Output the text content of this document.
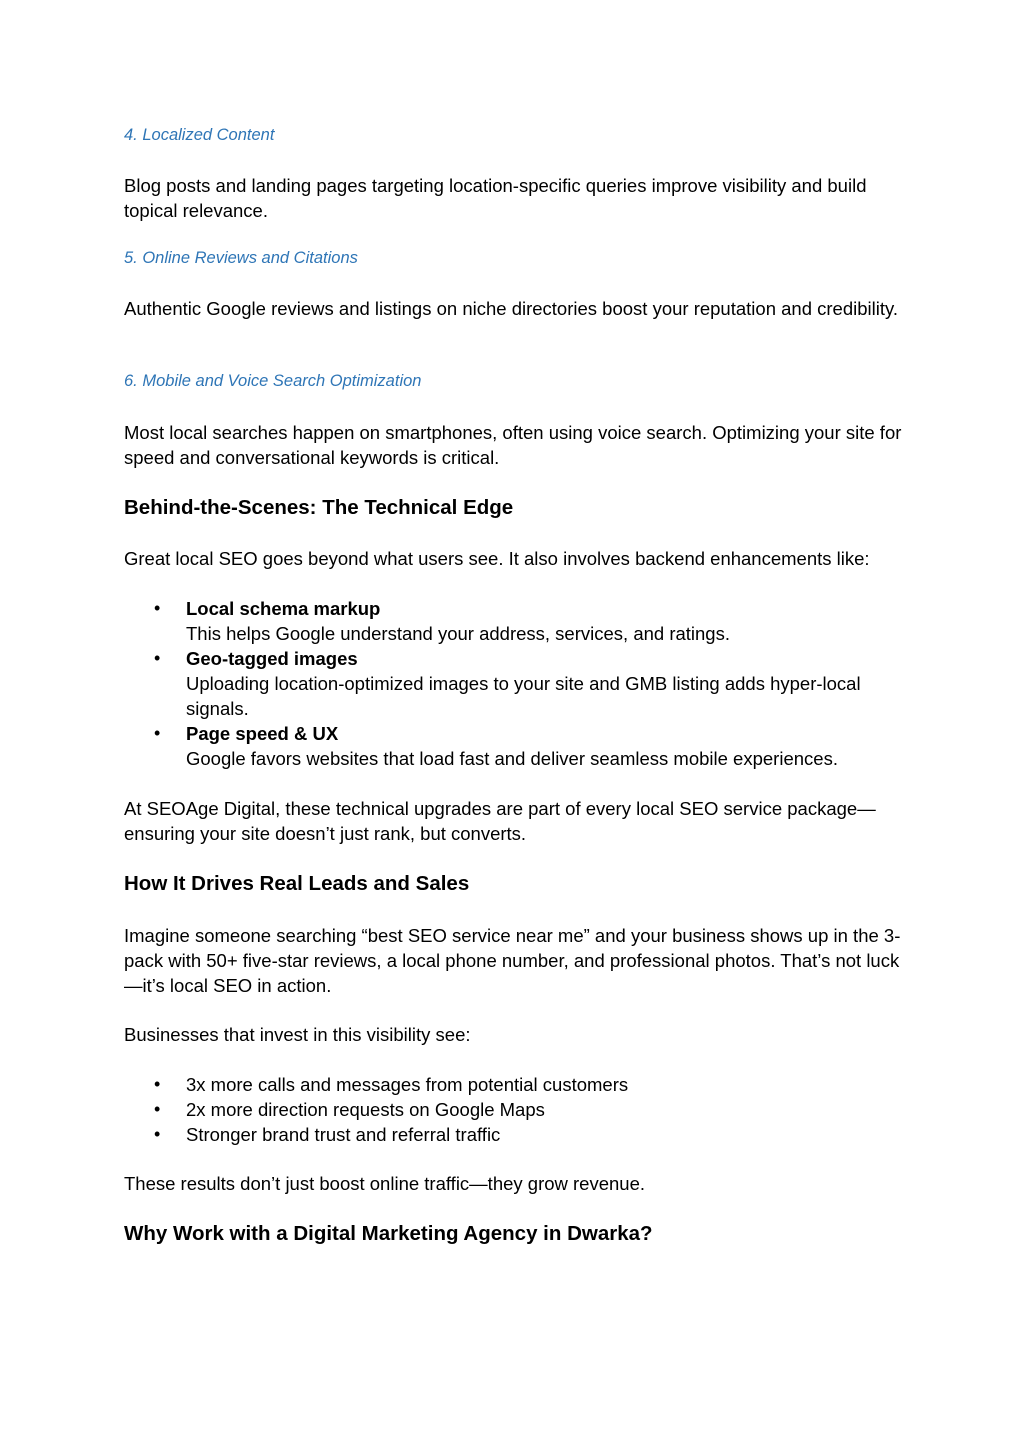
4. Localized Content

Blog posts and landing pages targeting location-specific queries improve visibility and build topical relevance.

5. Online Reviews and Citations

Authentic Google reviews and listings on niche directories boost your reputation and credibility.

6. Mobile and Voice Search Optimization

Most local searches happen on smartphones, often using voice search. Optimizing your site for speed and conversational keywords is critical.

Behind-the-Scenes: The Technical Edge

Great local SEO goes beyond what users see. It also involves backend enhancements like:

• Local schema markup
This helps Google understand your address, services, and ratings.
• Geo-tagged images
Uploading location-optimized images to your site and GMB listing adds hyper-local signals.
• Page speed & UX
Google favors websites that load fast and deliver seamless mobile experiences.

At SEOAge Digital, these technical upgrades are part of every local SEO service package—ensuring your site doesn’t just rank, but converts.

How It Drives Real Leads and Sales

Imagine someone searching “best SEO service near me” and your business shows up in the 3-pack with 50+ five-star reviews, a local phone number, and professional photos. That’s not luck—it’s local SEO in action.

Businesses that invest in this visibility see:

• 3x more calls and messages from potential customers
• 2x more direction requests on Google Maps
• Stronger brand trust and referral traffic

These results don’t just boost online traffic—they grow revenue.

Why Work with a Digital Marketing Agency in Dwarka?
